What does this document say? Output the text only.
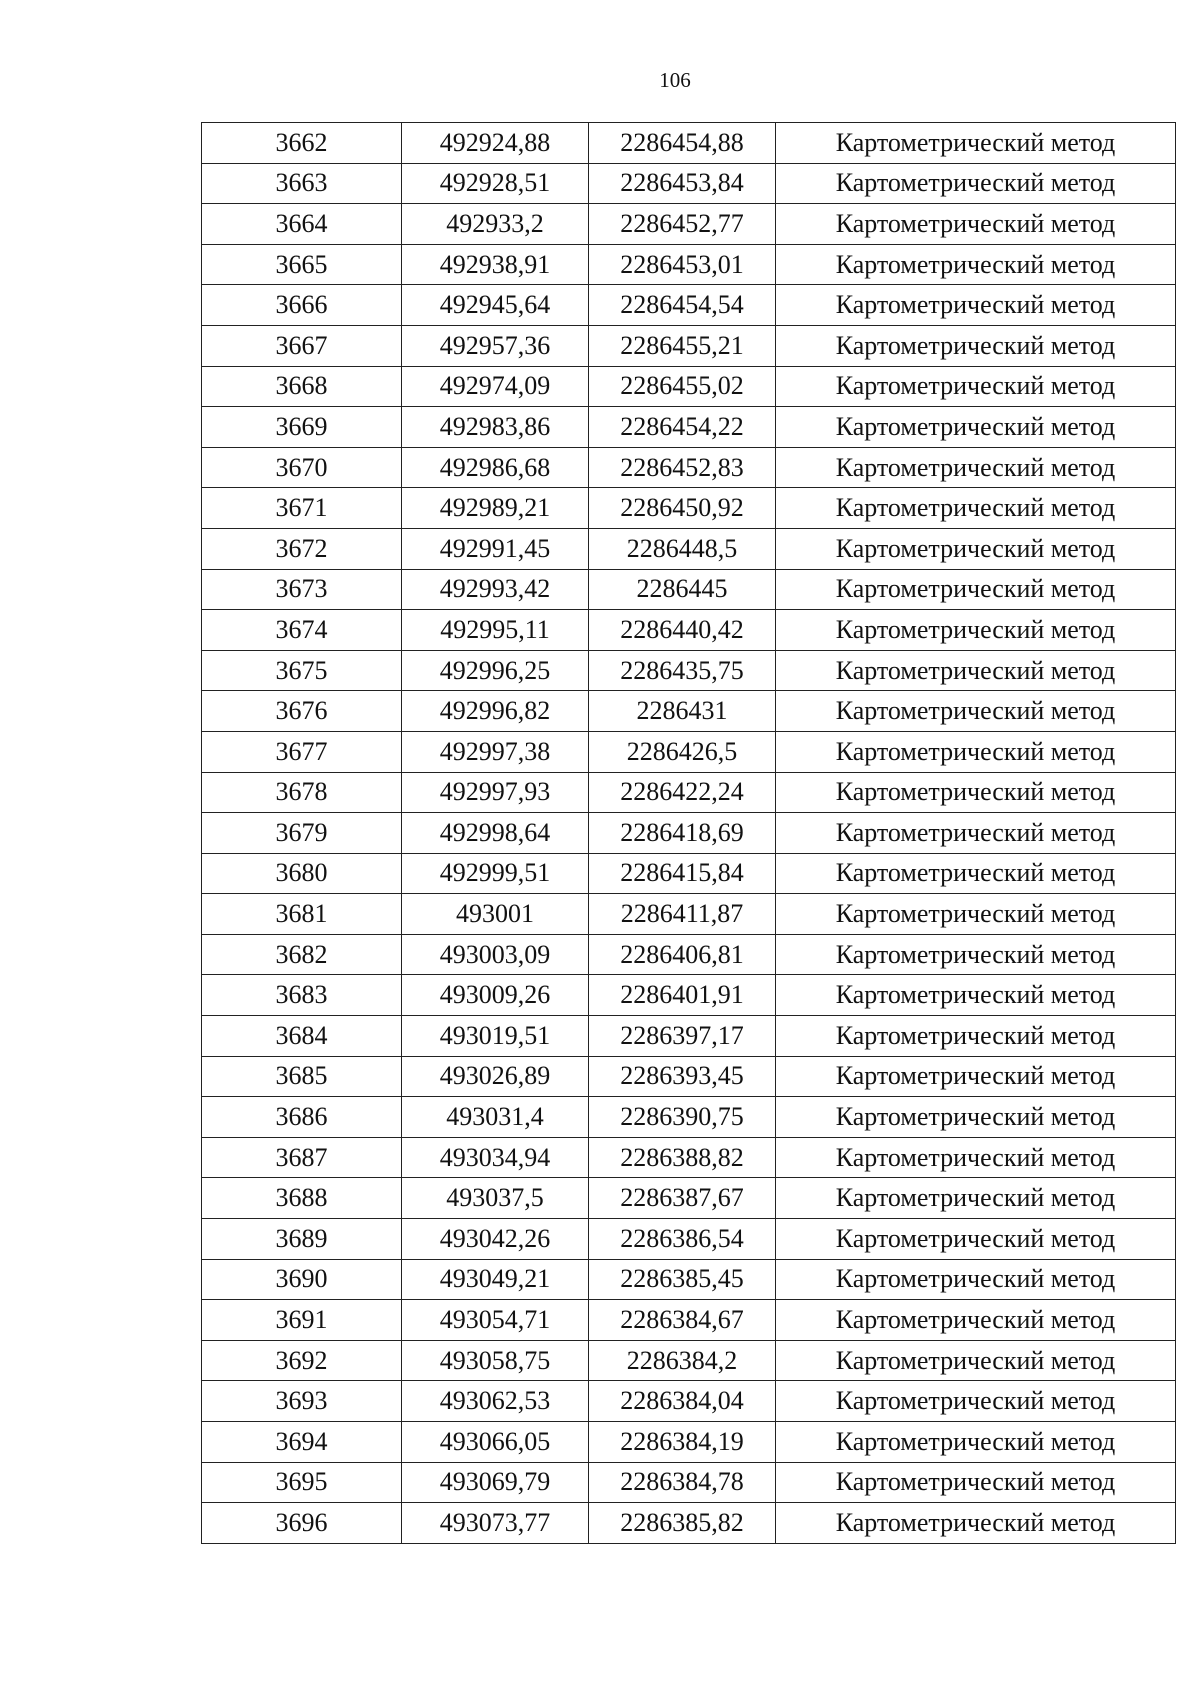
106
3662	492924,88	2286454,88	Картометрический метод
3663	492928,51	2286453,84	Картометрический метод
3664	492933,2	2286452,77	Картометрический метод
3665	492938,91	2286453,01	Картометрический метод
3666	492945,64	2286454,54	Картометрический метод
3667	492957,36	2286455,21	Картометрический метод
3668	492974,09	2286455,02	Картометрический метод
3669	492983,86	2286454,22	Картометрический метод
3670	492986,68	2286452,83	Картометрический метод
3671	492989,21	2286450,92	Картометрический метод
3672	492991,45	2286448,5	Картометрический метод
3673	492993,42	2286445	Картометрический метод
3674	492995,11	2286440,42	Картометрический метод
3675	492996,25	2286435,75	Картометрический метод
3676	492996,82	2286431	Картометрический метод
3677	492997,38	2286426,5	Картометрический метод
3678	492997,93	2286422,24	Картометрический метод
3679	492998,64	2286418,69	Картометрический метод
3680	492999,51	2286415,84	Картометрический метод
3681	493001	2286411,87	Картометрический метод
3682	493003,09	2286406,81	Картометрический метод
3683	493009,26	2286401,91	Картометрический метод
3684	493019,51	2286397,17	Картометрический метод
3685	493026,89	2286393,45	Картометрический метод
3686	493031,4	2286390,75	Картометрический метод
3687	493034,94	2286388,82	Картометрический метод
3688	493037,5	2286387,67	Картометрический метод
3689	493042,26	2286386,54	Картометрический метод
3690	493049,21	2286385,45	Картометрический метод
3691	493054,71	2286384,67	Картометрический метод
3692	493058,75	2286384,2	Картометрический метод
3693	493062,53	2286384,04	Картометрический метод
3694	493066,05	2286384,19	Картометрический метод
3695	493069,79	2286384,78	Картометрический метод
3696	493073,77	2286385,82	Картометрический метод
